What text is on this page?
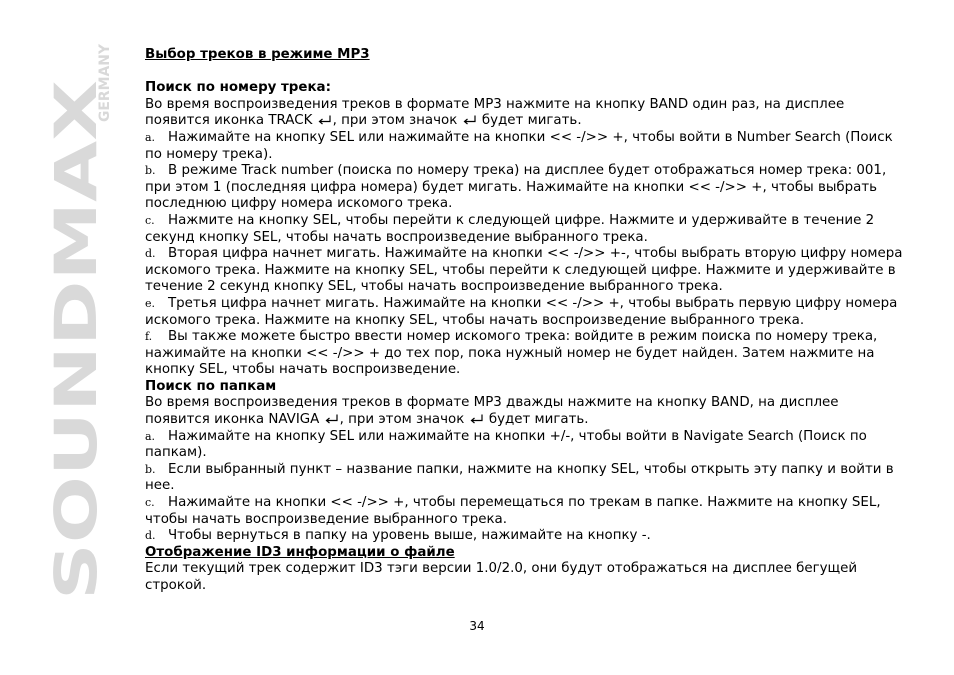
SOUNDMAX
GERMANY Выбор треков в режиме MP3

Поиск по номеру трека:

Во время воспроизведения треков в формате MP3 нажмите на кнопку BAND один раз, на дисплее появится иконка TRACK , при этом значок  будет мигать.

a. Нажимайте на кнопку SEL или нажимайте на кнопки << -/>> +, чтобы войти в Number Search (Поиск по номеру трека).

b. В режиме Track number (поиска по номеру трека) на дисплее будет отображаться номер трека: 001, при этом 1 (последняя цифра номера) будет мигать. Нажимайте на кнопки << -/>> +, чтобы выбрать последнюю цифру номера искомого трека.

c. Нажмите на кнопку SEL, чтобы перейти к следующей цифре. Нажмите и удерживайте в течение 2 секунд кнопку SEL, чтобы начать воспроизведение выбранного трека.

d. Вторая цифра начнет мигать. Нажимайте на кнопки << -/>> +-, чтобы выбрать вторую цифру номера искомого трека. Нажмите на кнопку SEL, чтобы перейти к следующей цифре. Нажмите и удерживайте в течение 2 секунд кнопку SEL, чтобы начать воспроизведение выбранного трека.

e. Третья цифра начнет мигать. Нажимайте на кнопки << -/>> +, чтобы выбрать первую цифру номера искомого трека. Нажмите на кнопку SEL, чтобы начать воспроизведение выбранного трека.

f. Вы также можете быстро ввести номер искомого трека: войдите в режим поиска по номеру трека, нажимайте на кнопки << -/>> + до тех пор, пока нужный номер не будет найден. Затем нажмите на кнопку SEL, чтобы начать воспроизведение.

Поиск по папкам

Во время воспроизведения треков в формате MP3 дважды нажмите на кнопку BAND, на дисплее появится иконка NAVIGA , при этом значок  будет мигать.

a. Нажимайте на кнопку SEL или нажимайте на кнопки +/-, чтобы войти в Navigate Search (Поиск по папкам).

b. Если выбранный пункт – название папки, нажмите на кнопку SEL, чтобы открыть эту папку и войти в нее.

c. Нажимайте на кнопки << -/>> +, чтобы перемещаться по трекам в папке. Нажмите на кнопку SEL, чтобы начать воспроизведение выбранного трека.

d. Чтобы вернуться в папку на уровень выше, нажимайте на кнопку -.

Отображение ID3 информации о файле

Если текущий трек содержит ID3 тэги версии 1.0/2.0, они будут отображаться на дисплее бегущей строкой.

34
